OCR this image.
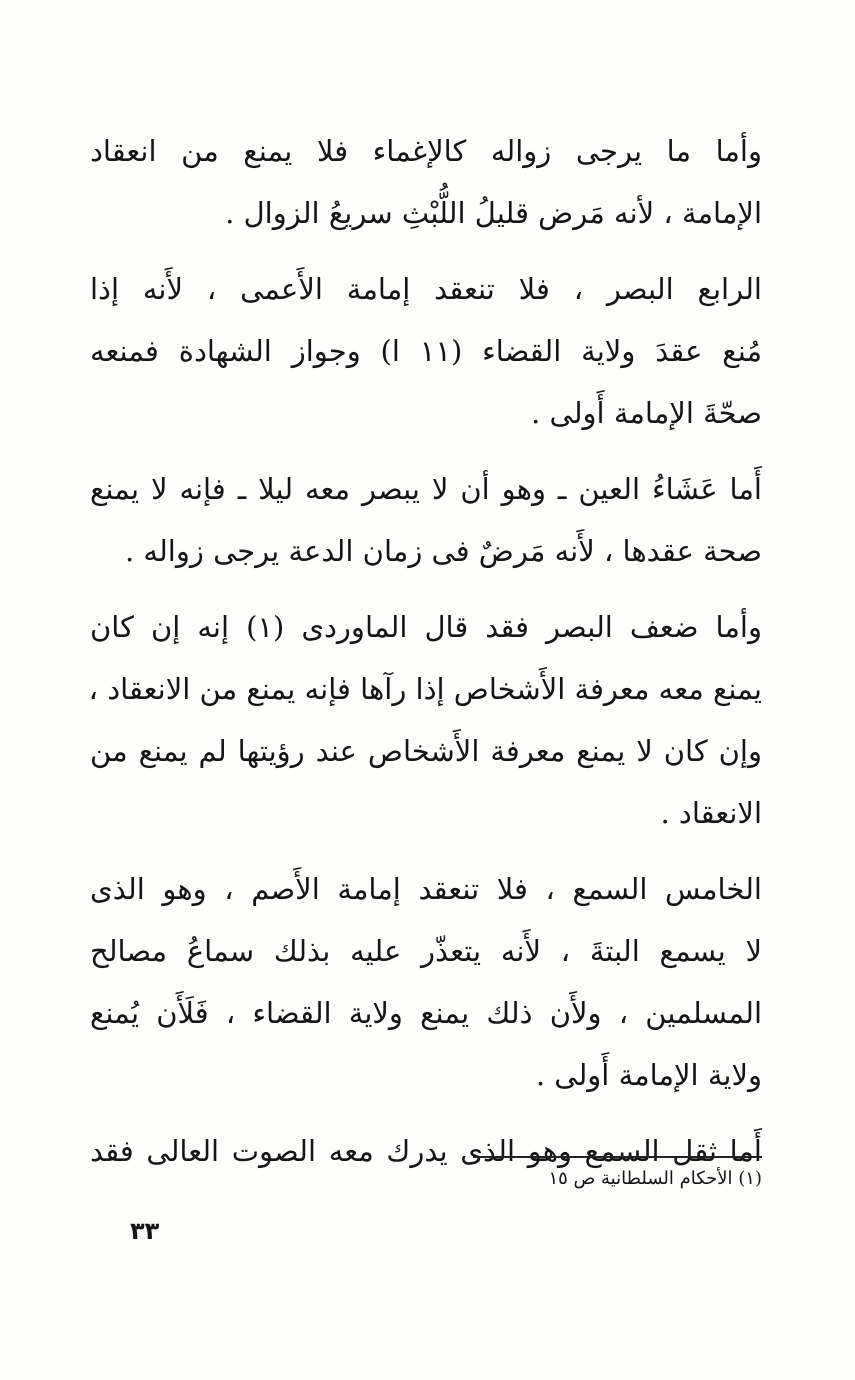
وأما ما يرجى زواله كالإغماء فلا يمنع من انعقاد
الإمامة ، لأنه مَرض قليلُ اللُّبْثِ سريعُ الزوال .

الرابع البصر ، فلا تنعقد إمامة الأَعمى ، لأَنه إذا
مُنع عقدَ ولاية القضاء (١١ ا) وجواز الشهادة فمنعه
صحّةَ الإمامة أَولى .

أَما عَشَاءُ العين ـ وهو أن لا يبصر معه ليلا ـ فإنه لا يمنع
صحة عقدها ، لأَنه مَرضٌ فى زمان الدعة يرجى زواله .

وأما ضعف البصر فقد قال الماوردى (١) إنه إن كان
يمنع معه معرفة الأَشخاص إذا رآها فإنه يمنع من الانعقاد ،
وإن كان لا يمنع معرفة الأَشخاص عند رؤيتها لم يمنع من
الانعقاد .

الخامس السمع ، فلا تنعقد إمامة الأَصم ، وهو الذى
لا يسمع البتةَ ، لأَنه يتعذّر عليه بذلك سماعُ مصالح
المسلمين ، ولأَن ذلك يمنع ولاية القضاء ، فَلَأَن يُمنع
ولاية الإمامة أَولى .

أَما ثقل السمع وهو الذى يدرك معه الصوت العالى فقد

(١) الأحكام السلطانية ص ١٥
٣٣
